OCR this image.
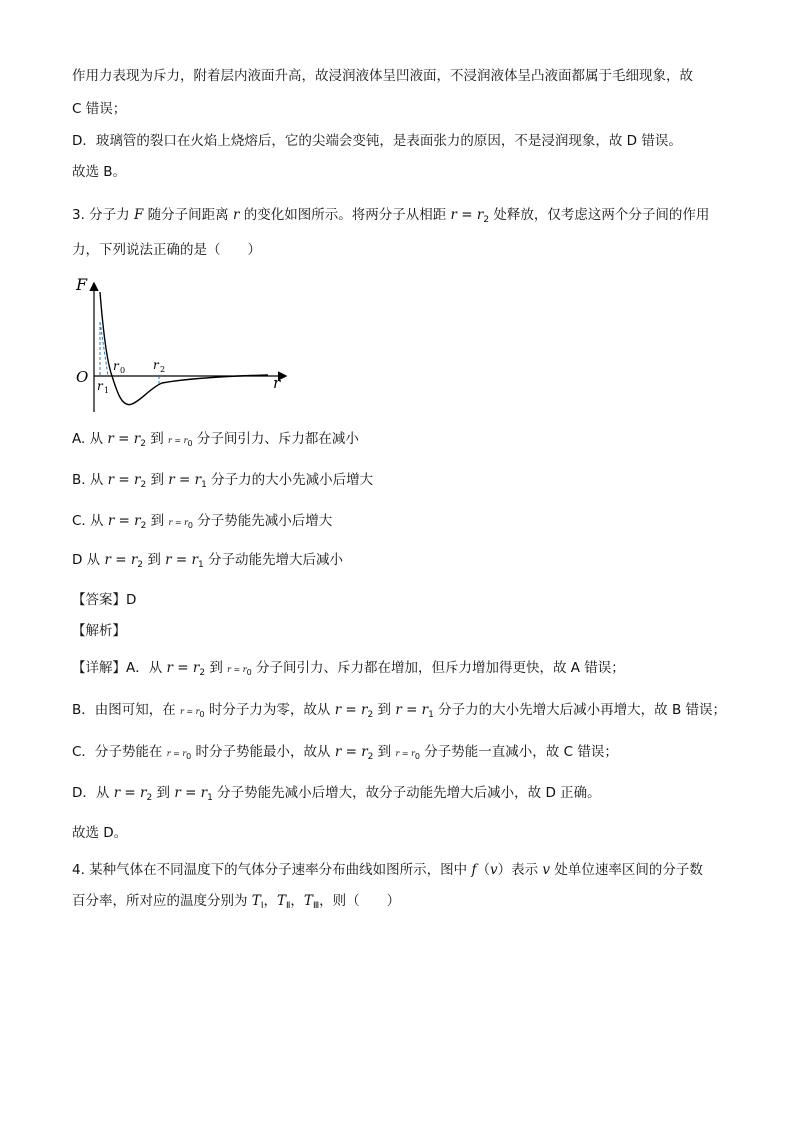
作用力表现为斥力，附着层内液面升高，故浸润液体呈凹液面，不浸润液体呈凸液面都属于毛细现象，故
C 错误；
D．玻璃管的裂口在火焰上烧熔后，它的尖端会变钝，是表面张力的原因，不是浸润现象，故 D 错误。
故选 B。
3. 分子力 F 随分子间距离 r 的变化如图所示。将两分子从相距 $r = r_2$ 处释放，仅考虑这两个分子间的作用
力，下列说法正确的是（　　）
F
O	r
r 0 r 2
r 1
A. 从 $r = r_2$ 到 $r = r_0$ 分子间引力、斥力都在减小
B. 从 $r = r_2$ 到 $r = r_1$ 分子力的大小先减小后增大
C. 从 $r = r_2$ 到 $r = r_0$ 分子势能先减小后增大
D 从 $r = r_2$ 到 $r = r_1$ 分子动能先增大后减小
【答案】D
【解析】
【详解】A．从 $r = r_2$ 到 $r = r_0$ 分子间引力、斥力都在增加，但斥力增加得更快，故 A 错误；
B．由图可知，在 $r = r_0$ 时分子力为零，故从 $r = r_2$ 到 $r = r_1$ 分子力的大小先增大后减小再增大，故 B 错误；
C．分子势能在 $r = r_0$ 时分子势能最小，故从 $r = r_2$ 到 $r = r_0$ 分子势能一直减小，故 C 错误；
D．从 $r = r_2$ 到 $r = r_1$ 分子势能先减小后增大，故分子动能先增大后减小，故 D 正确。
故选 D。
4. 某种气体在不同温度下的气体分子速率分布曲线如图所示，图中 f（v）表示 v 处单位速率区间的分子数
百分率，所对应的温度分别为 $T_Ⅰ$，$T_Ⅱ$，$T_Ⅲ$，则（　　）
